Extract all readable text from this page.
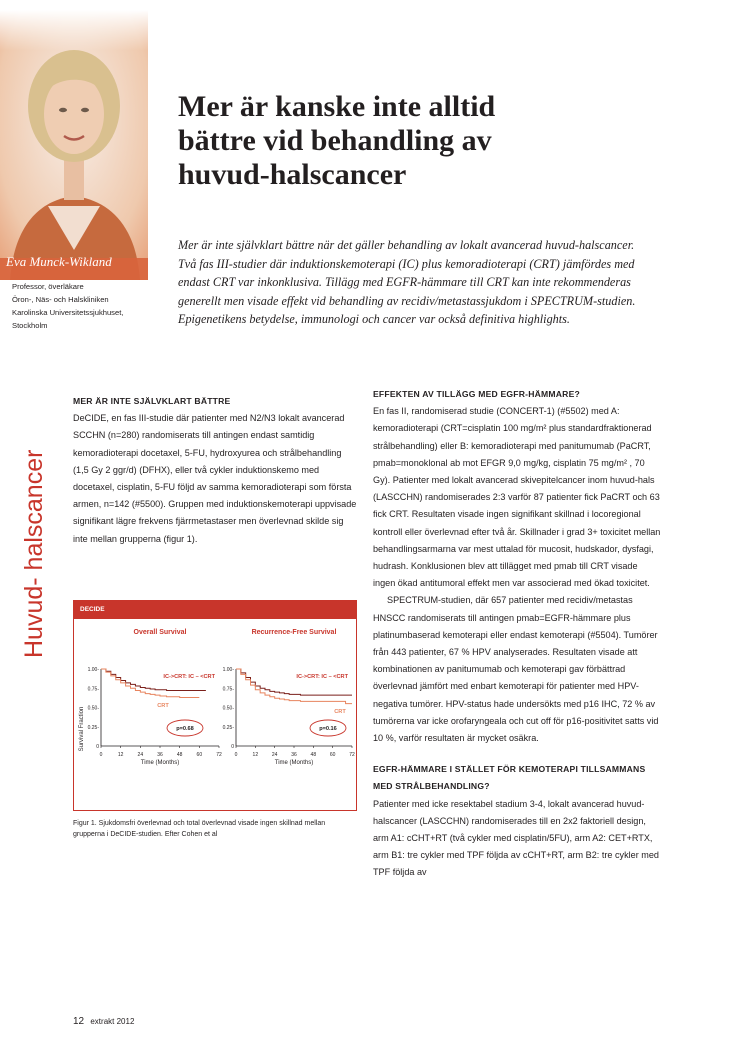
Eva Munck-Wikland
Professor, överläkare
Öron-, Näs- och Halskliniken
Karolinska Universitetssjukhuset,
Stockholm
Mer är kanske inte alltid
bättre vid behandling av
huvud-halscancer

Mer är inte självklart bättre när det gäller behandling av lokalt avancerad huvud-halscancer. Två fas III-studier där induktionskemoterapi (IC) plus kemoradioterapi (CRT) jämfördes med endast CRT var inkonklusiva. Tillägg med EGFR-hämmare till CRT kan inte rekommenderas generellt men visade effekt vid behandling av recidiv/metastassjukdom i SPECTRUM-studien. Epigenetikens betydelse, immunologi och cancer var också definitiva highlights.

Huvud- halscancer

MER ÄR INTE SJÄLVKLART BÄTTRE

DeCIDE, en fas III-studie där patienter med N2/N3 lokalt avancerad SCCHN (n=280) randomiserats till antingen endast samtidig kemoradioterapi docetaxel, 5-FU, hydroxyurea och strålbehandling (1,5 Gy 2 ggr/d) (DFHX), eller två cykler induktionskemo med docetaxel, cisplatin, 5-FU följd av samma kemoradioterapi som första armen, n=142 (#5500). Gruppen med induktionskemoterapi uppvisade signifikant lägre frekvens fjärrmetastaser men överlevnad skilde sig inte mellan grupperna (figur 1).

DECIDE
Survival Fraction
Overall Survival
0
0.25-
0.50-
0.75-
1.00-
0	12	24	36	48	60	72
Time (Months)
IC->CRT: IC – <CRT
CRT
p=0.68
Recurrence-Free Survival
0
0.25-
0.50-
0.75-
1.00-
0	12	24	36	48	60	72
Time (Months)
IC->CRT: IC – <CRT
CRT
p=0.16
Figur 1. Sjukdomsfri överlevnad och total överlevnad visade ingen skillnad mellan grupperna i DeCIDE-studien. Efter Cohen et al

EFFEKTEN AV TILLÄGG MED EGFR-HÄMMARE?

En fas II, randomiserad studie (CONCERT-1) (#5502) med A: kemoradioterapi (CRT=cisplatin 100 mg/m² plus standardfraktionerad strålbehandling) eller B: kemoradioterapi med panitumumab (PaCRT, pmab=monoklonal ab mot EFGR 9,0 mg/kg, cisplatin 75 mg/m² , 70 Gy). Patienter med lokalt avancerad skivepitelcancer inom huvud-hals (LASCCHN) randomiserades 2:3 varför 87 patienter fick PaCRT och 63 fick CRT. Resultaten visade ingen signifikant skillnad i locoregional kontroll eller överlevnad efter två år. Skillnader i grad 3+ toxicitet mellan behandlingsarmarna var mest uttalad för mucosit, hudskador, dysfagi, hudrash. Konklusionen blev att tillägget med pmab till CRT visade ingen ökad antitumoral effekt men var associerad med ökad toxicitet.

SPECTRUM-studien, där 657 patienter med recidiv/metastas HNSCC randomiserats till antingen pmab=EGFR-hämmare plus platinumbaserad kemoterapi eller endast kemoterapi (#5504). Tumörer från 443 patienter, 67 % HPV analyserades. Resultaten visade att kombinationen av panitumumab och kemoterapi gav förbättrad överlevnad jämfört med enbart kemoterapi för patienter med HPV-negativa tumörer. HPV-status hade undersökts med p16 IHC, 72 % av tumörerna var icke orofaryngeala och cut off för p16-positivitet satts vid 10 %, varför resultaten är mycket osäkra.

EGFR-HÄMMARE I STÄLLET FÖR KEMOTERAPI TILLSAMMANS MED STRÅLBEHANDLING?

Patienter med icke resektabel stadium 3-4, lokalt avancerad huvud-halscancer (LASCCHN) randomiserades till en 2x2 faktoriell design, arm A1: cCHT+RT (två cykler med cisplatin/5FU), arm A2: CET+RTX, arm B1: tre cykler med TPF följda av cCHT+RT, arm B2: tre cykler med TPF följda av

12 extrakt 2012
